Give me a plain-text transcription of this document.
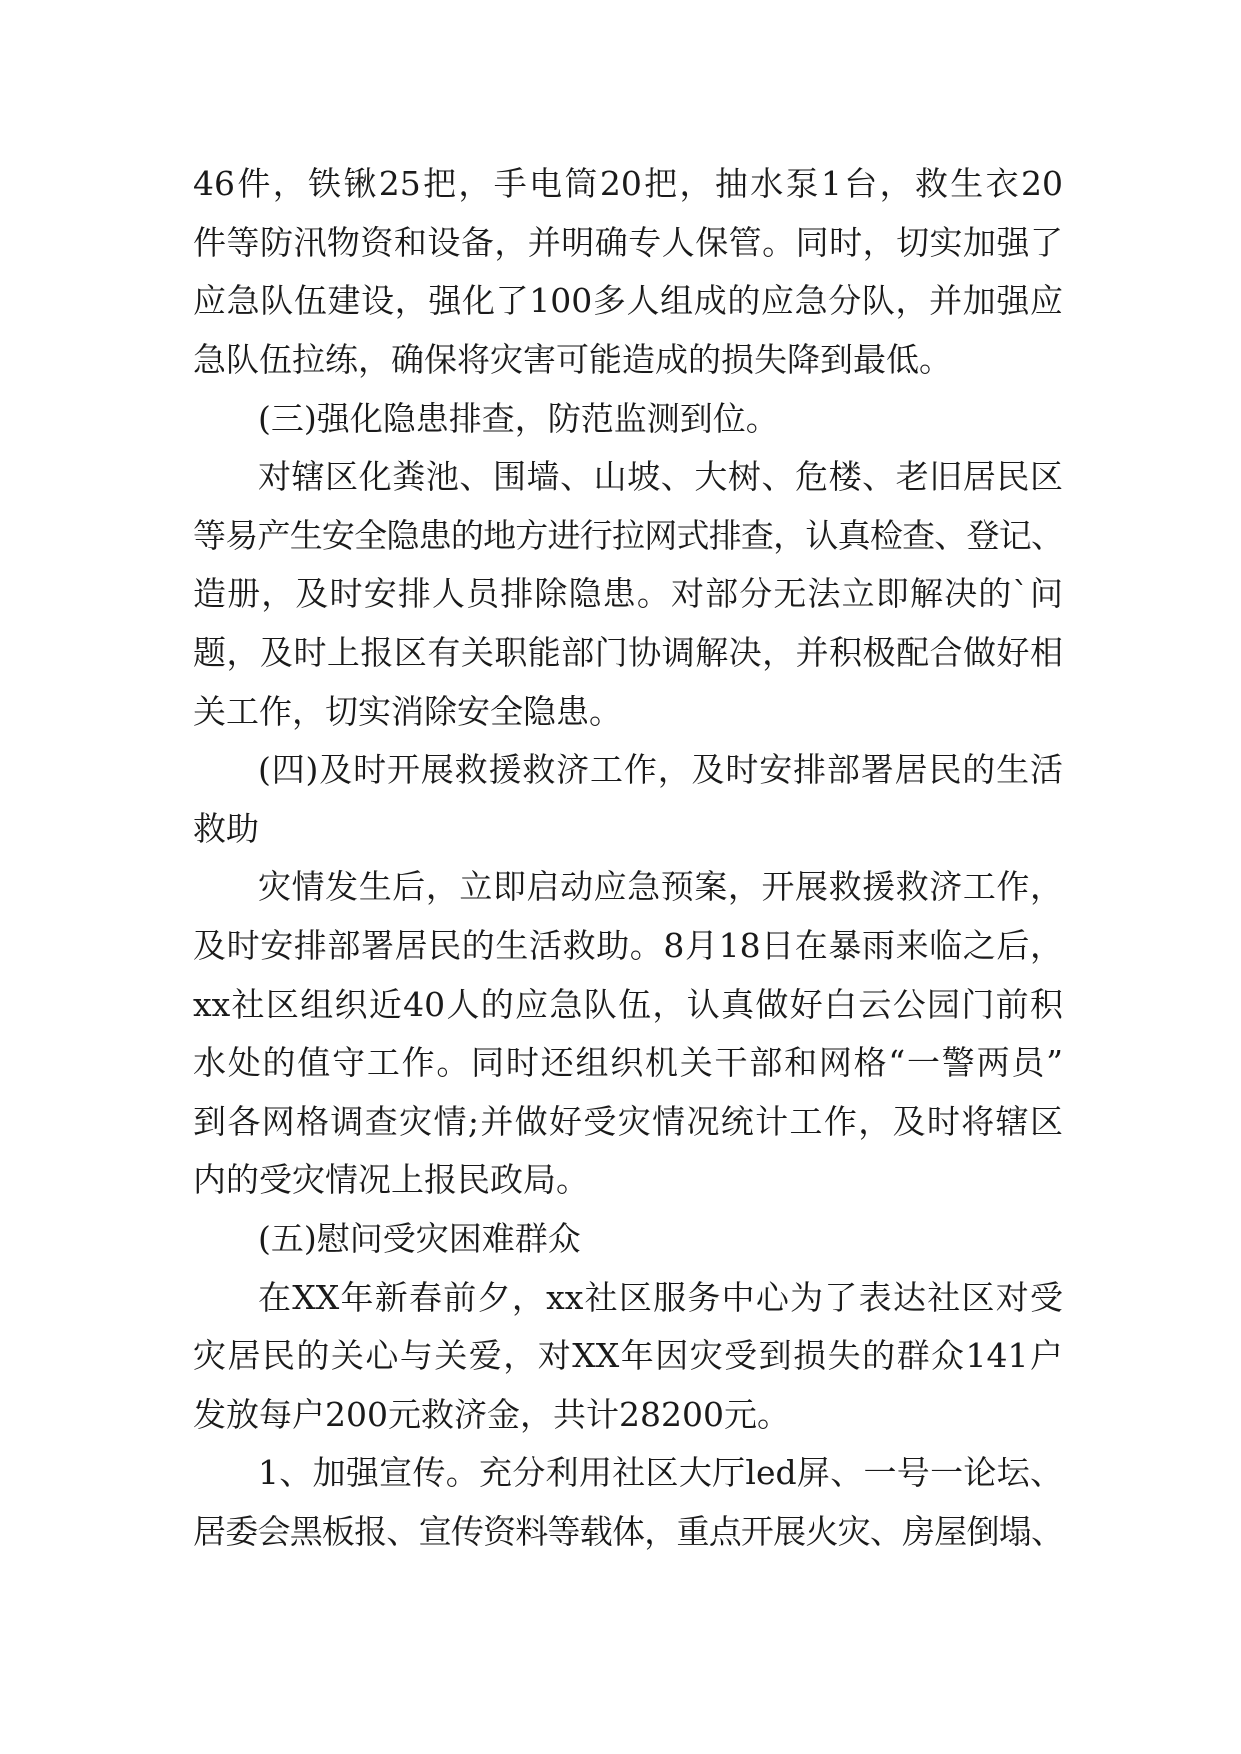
46件，铁锹25把，手电筒20把，抽水泵1台，救生衣20
件等防汛物资和设备，并明确专人保管。同时，切实加强了
应急队伍建设，强化了100多人组成的应急分队，并加强应
急队伍拉练，确保将灾害可能造成的损失降到最低。
(三)强化隐患排查，防范监测到位。
对辖区化粪池、围墙、山坡、大树、危楼、老旧居民区
等易产生安全隐患的地方进行拉网式排查，认真检查、登记、
造册，及时安排人员排除隐患。对部分无法立即解决的`问
题，及时上报区有关职能部门协调解决，并积极配合做好相
关工作，切实消除安全隐患。
(四)及时开展救援救济工作，及时安排部署居民的生活
救助
灾情发生后，立即启动应急预案，开展救援救济工作，
及时安排部署居民的生活救助。8月18日在暴雨来临之后，
xx社区组织近40人的应急队伍，认真做好白云公园门前积
水处的值守工作。同时还组织机关干部和网格“一警两员”
到各网格调查灾情;并做好受灾情况统计工作，及时将辖区
内的受灾情况上报民政局。
(五)慰问受灾困难群众
在XX年新春前夕，xx社区服务中心为了表达社区对受
灾居民的关心与关爱，对XX年因灾受到损失的群众141户
发放每户200元救济金，共计28200元。
1、加强宣传。充分利用社区大厅led屏、一号一论坛、
居委会黑板报、宣传资料等载体，重点开展火灾、房屋倒塌、
